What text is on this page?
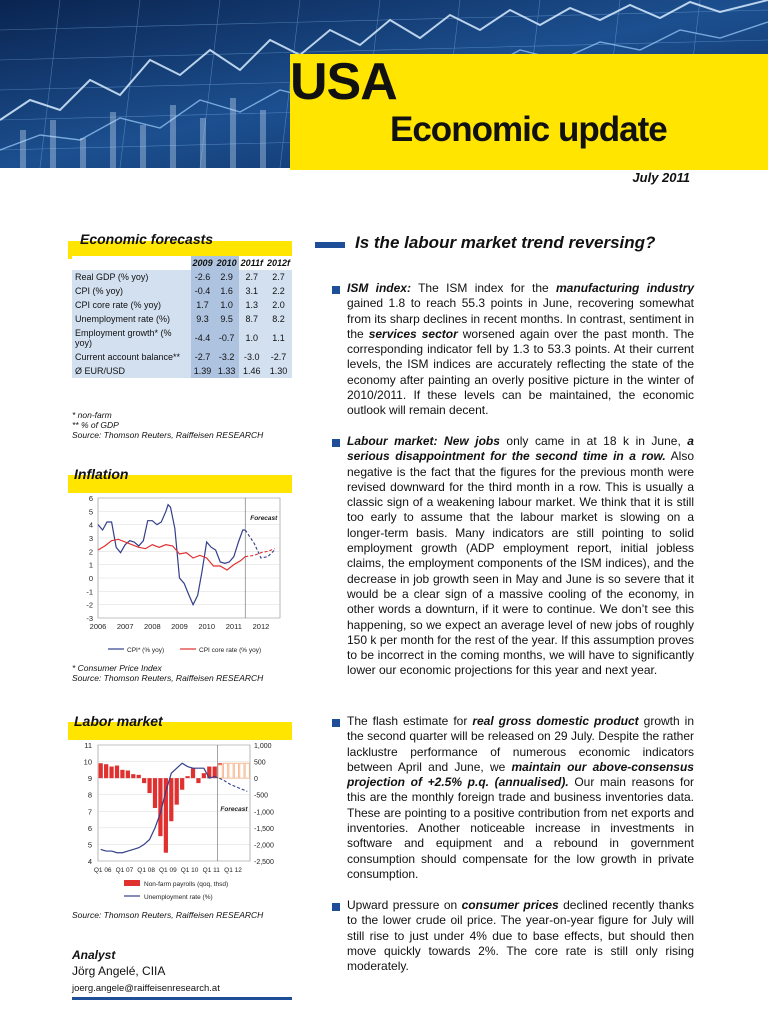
USA
Economic update
July 2011
Economic forecasts
	2009	2010	2011f	2012f
Real GDP (% yoy)	-2.6	2.9	2.7	2.7
CPI (% yoy)	-0.4	1.6	3.1	2.2
CPI core rate (% yoy)	1.7	1.0	1.3	2.0
Unemployment rate (%)	9.3	9.5	8.7	8.2
Employment growth* (% yoy)	-4.4	-0.7	1.0	1.1
Current account balance**	-2.7	-3.2	-3.0	-2.7
Ø EUR/USD	1.39	1.33	1.46	1.30
* non-farm
** % of GDP
Source: Thomson Reuters, Raiffeisen RESEARCH
Inflation
6
5
4
3
2
1
0
-1
-2
-3
2006 2007 2008 2009 2010 2011 2012
Forecast
CPI* (% yoy)	CPI core rate (% yoy)
* Consumer Price Index
Source: Thomson Reuters, Raiffeisen RESEARCH
Labor market
11
10
9
8
7
6
5
4
1,000
500
0
-500
-1,000
-1,500
-2,000
-2,500
Q1 06 Q1 07 Q1 08 Q1 09 Q1 10 Q1 11 Q1 12
Forecast
Non-farm payrolls (qoq, thsd)
Unemployment rate (%)
Source: Thomson Reuters, Raiffeisen RESEARCH
Analyst
Jörg Angelé, CIIA
joerg.angele@raiffeisenresearch.at
Is the labour market trend reversing?
ISM index: The ISM index for the manufacturing industry gained 1.8 to reach 55.3 points in June, recovering somewhat from its sharp declines in recent months. In contrast, sentiment in the services sector worsened again over the past month. The corresponding indicator fell by 1.3 to 53.3 points. At their current levels, the ISM indices are accurately reflecting the state of the economy after painting an overly positive picture in the winter of 2010/2011. If these levels can be maintained, the economic outlook will remain decent.
Labour market: New jobs only came in at 18 k in June, a serious disappointment for the second time in a row. Also negative is the fact that the figures for the previous month were revised downward for the third month in a row. This is usually a classic sign of a weakening labour market. We think that it is still too early to assume that the labour market is slowing on a longer-term basis. Many indicators are still pointing to solid employment growth (ADP employment report, initial jobless claims, the employment components of the ISM indices), and the decrease in job growth seen in May and June is so severe that it would be a clear sign of a massive cooling of the economy, in other words a downturn, if it were to continue. We don’t see this happening, so we expect an average level of new jobs of roughly 150 k per month for the rest of the year. If this assumption proves to be incorrect in the coming months, we will have to significantly lower our economic projections for this year and next year.
The flash estimate for real gross domestic product growth in the second quarter will be released on 29 July. Despite the rather lacklustre performance of numerous economic indicators between April and June, we maintain our above-consensus projection of +2.5% p.q. (annualised). Our main reasons for this are the monthly foreign trade and business inventories data. These are pointing to a positive contribution from net exports and inventories. Another noticeable increase in investments in software and equipment and a rebound in government consumption should compensate for the low growth in private consumption.
Upward pressure on consumer prices declined recently thanks to the lower crude oil price. The year-on-year figure for July will still rise to just under 4% due to base effects, but should then move quickly towards 2%. The core rate is still only rising moderately.
